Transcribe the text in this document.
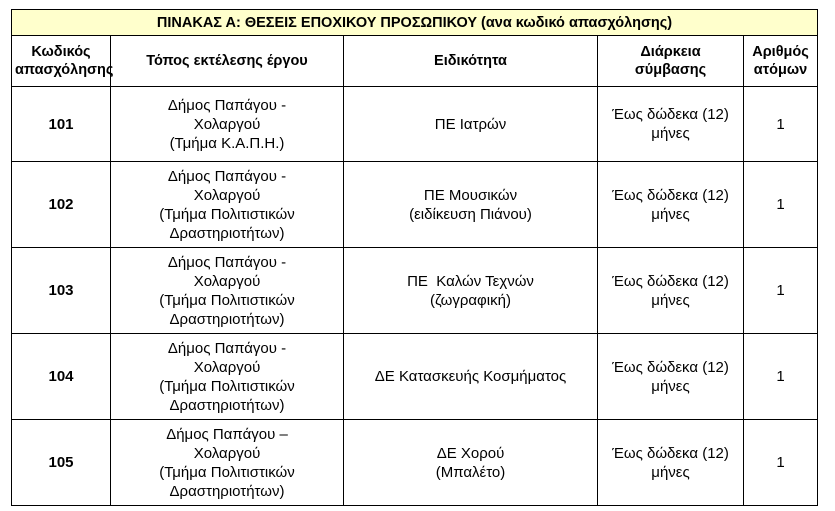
ΠΙΝΑΚΑΣ Α: ΘΕΣΕΙΣ ΕΠΟΧΙΚΟΥ ΠΡΟΣΩΠΙΚΟΥ (ανα κωδικό απασχόλησης)				

Κωδικός
απασχόλησης	Τόπος εκτέλεσης έργου	Ειδικότητα	Διάρκεια
σύμβασης	Αριθμός
ατόμων

101	Δήμος Παπάγου -
Χολαργού
(Τμήμα Κ.Α.Π.Η.)	ΠΕ Ιατρών	Έως δώδεκα (12)
μήνες	1
102	Δήμος Παπάγου -
Χολαργού
(Τμήμα Πολιτιστικών
Δραστηριοτήτων)	ΠΕ Μουσικών
(ειδίκευση Πιάνου)	Έως δώδεκα (12)
μήνες	1
103	Δήμος Παπάγου -
Χολαργού
(Τμήμα Πολιτιστικών
Δραστηριοτήτων)	ΠΕ  Καλών Τεχνών
(ζωγραφική)	Έως δώδεκα (12)
μήνες	1
104	Δήμος Παπάγου -
Χολαργού
(Τμήμα Πολιτιστικών
Δραστηριοτήτων)	ΔΕ Κατασκευής Κοσμήματος	Έως δώδεκα (12)
μήνες	1
105	Δήμος Παπάγου –
Χολαργού
(Τμήμα Πολιτιστικών
Δραστηριοτήτων)	ΔΕ Χορού
(Μπαλέτο)	Έως δώδεκα (12)
μήνες	1
